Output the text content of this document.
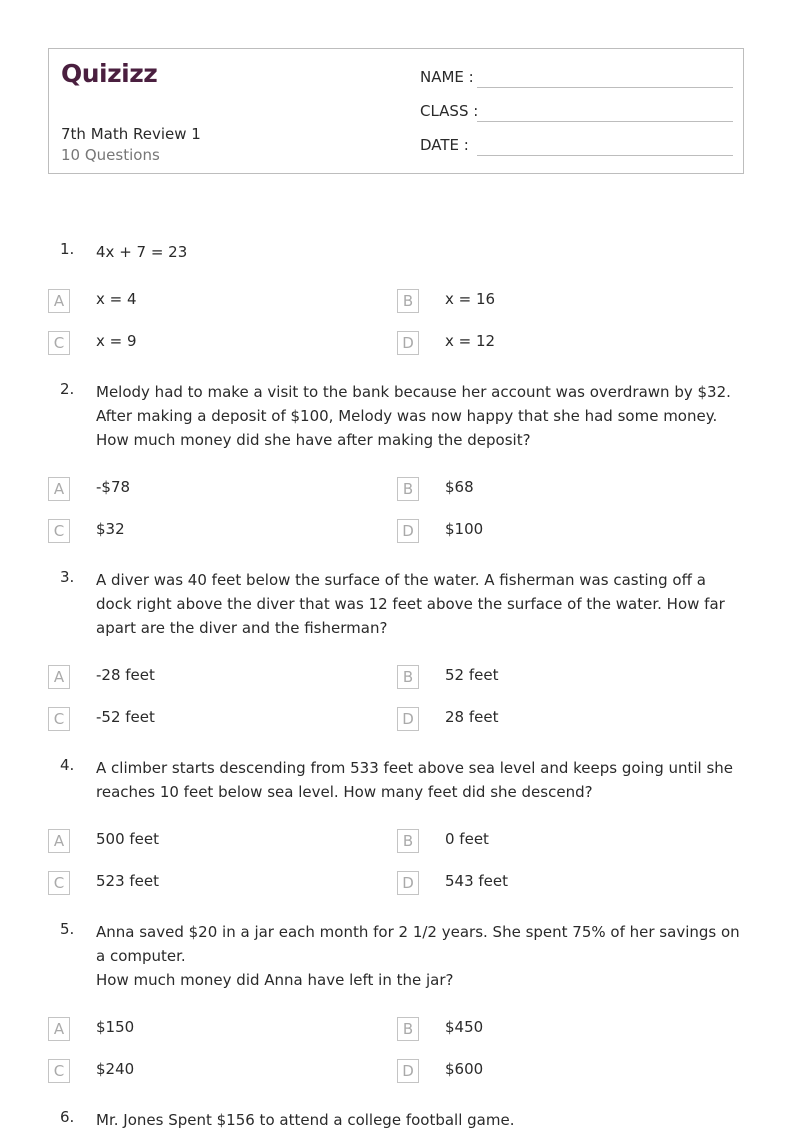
Quizizz
7th Math Review 1
10 Questions
NAME :
CLASS :
DATE :
1. 4x + 7 = 23
A	x = 4	B	x = 16
C	x = 9	D	x = 12
2. Melody had to make a visit to the bank because her account was overdrawn by $32. After making a deposit of $100, Melody was now happy that she had some money. How much money did she have after making the deposit?
A	-$78	B	$68
C	$32	D	$100
3. A diver was 40 feet below the surface of the water. A fisherman was casting off a dock right above the diver that was 12 feet above the surface of the water. How far apart are the diver and the fisherman?
A	-28 feet	B	52 feet
C	-52 feet	D	28 feet
4. A climber starts descending from 533 feet above sea level and keeps going until she reaches 10 feet below sea level. How many feet did she descend?
A	500 feet	B	0 feet
C	523 feet	D	543 feet
5. Anna saved $20 in a jar each month for 2 1/2 years. She spent 75% of her savings on a computer.
How much money did Anna have left in the jar?
A	$150	B	$450
C	$240	D	$600
6. Mr. Jones Spent $156 to attend a college football game.
